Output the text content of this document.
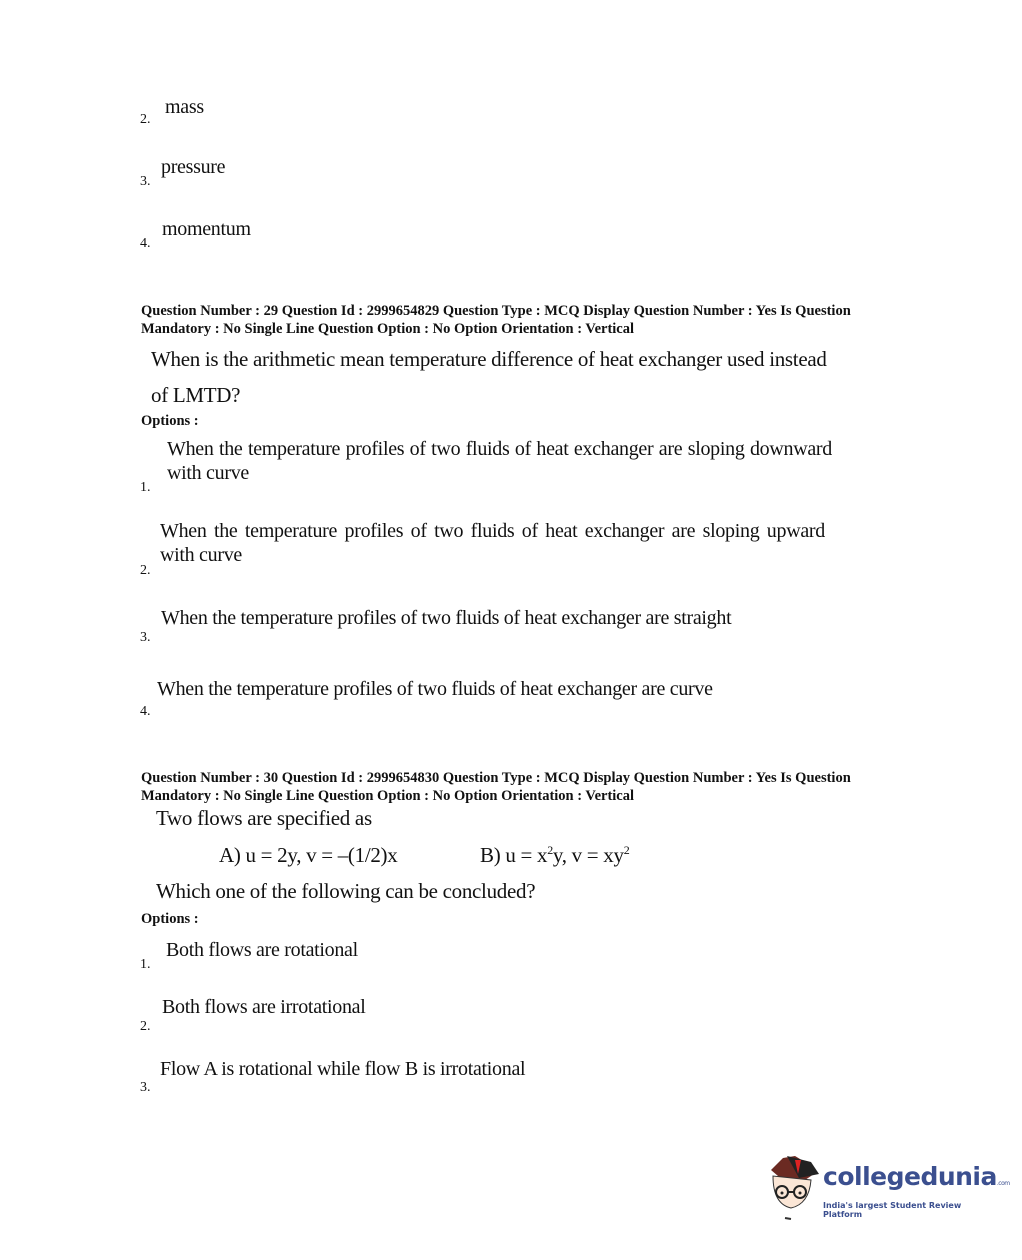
mass
2.
pressure
3.
momentum
4.
Question Number : 29 Question Id : 2999654829 Question Type : MCQ Display Question Number : Yes Is Question Mandatory : No Single Line Question Option : No Option Orientation : Vertical
When is the arithmetic mean temperature difference of heat exchanger used instead
of LMTD?
Options :
When the temperature profiles of two fluids of heat exchanger are sloping downward with curve
1.
When the temperature profiles of two fluids of heat exchanger are sloping upward with curve
2.
When the temperature profiles of two fluids of heat exchanger are straight
3.
When the temperature profiles of two fluids of heat exchanger are curve
4.
Question Number : 30 Question Id : 2999654830 Question Type : MCQ Display Question Number : Yes Is Question Mandatory : No Single Line Question Option : No Option Orientation : Vertical
Two flows are specified as
A) u = 2y, v = –(1/2)x	B) $u = x^2y$, $v = xy^2$
Which one of the following can be concluded?
Options :
Both flows are rotational
1.
Both flows are irrotational
2.
Flow A is rotational while flow B is irrotational
3.
collegedunia.com
India's largest Student Review Platform
